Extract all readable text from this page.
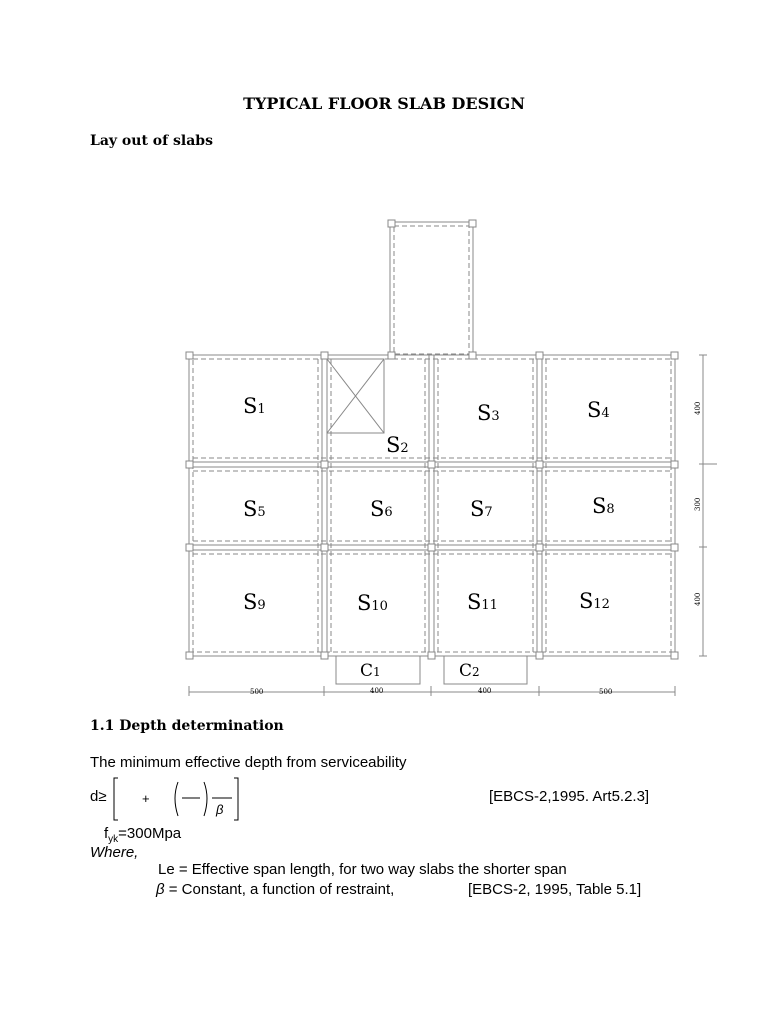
TYPICAL FLOOR SLAB DESIGN
Lay out of slabs
S1
S2
S3	S4
S5	S6	S7	S8
S9	S10	S11	S12
C1	C2
500	400	400	500
400
300
400
1.1 Depth determination
The minimum effective depth from serviceability
d≥	+
β
[EBCS-2,1995. Art5.2.3]
$f_{yk}=300Mpa$
Where,
Le = Effective span length, for two way slabs the shorter span
β = Constant, a function of restraint,	[EBCS-2, 1995, Table 5.1]
